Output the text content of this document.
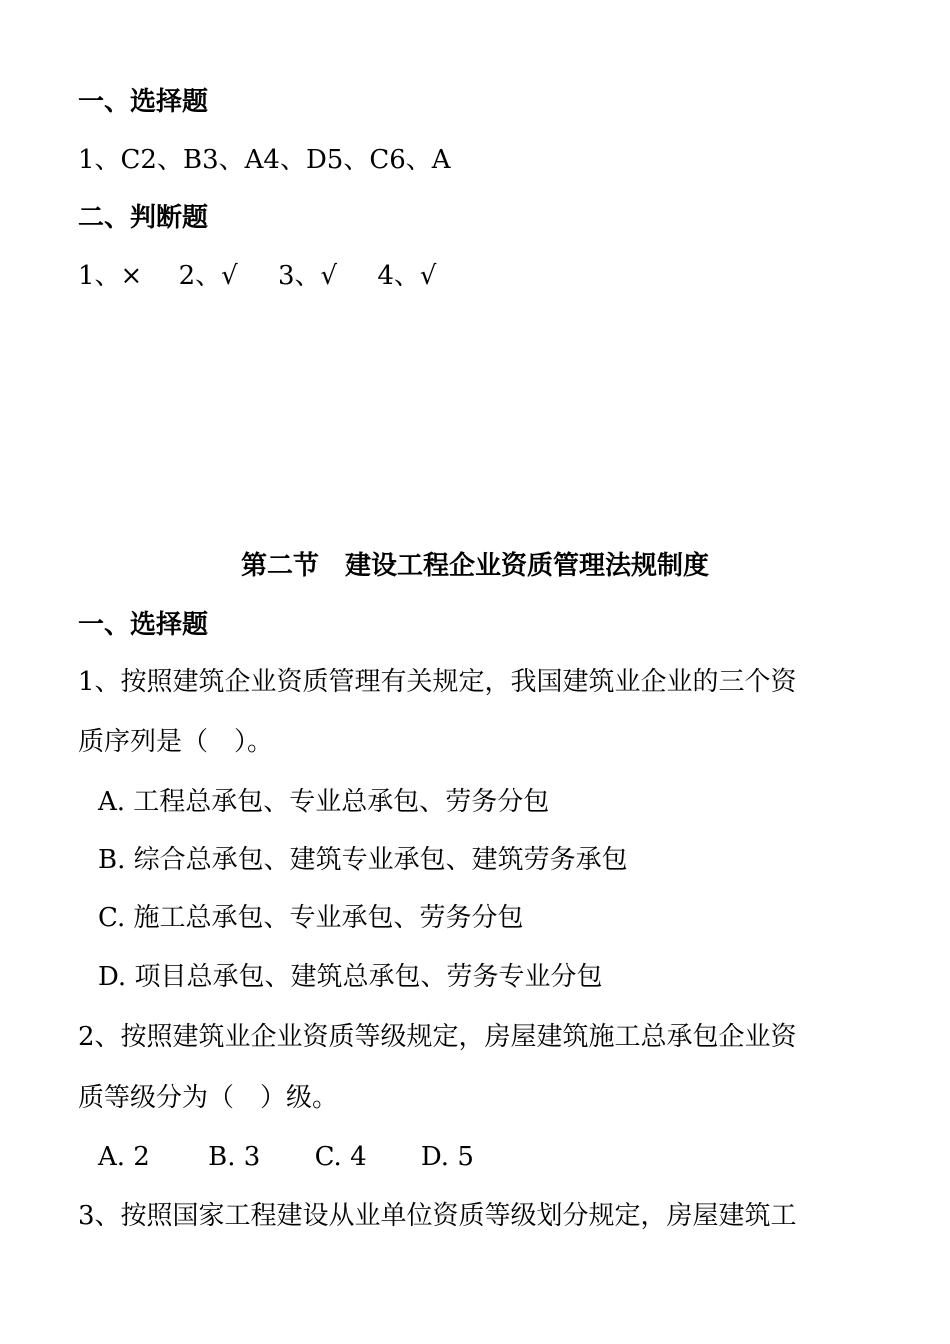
一、选择题
1、C2、B3、A4、D5、C6、A
二、判断题
1、× 2、√ 3、√ 4、√
第二节　建设工程企业资质管理法规制度
一、选择题
1、按照建筑企业资质管理有关规定，我国建筑业企业的三个资
质序列是（　）。
A. 工程总承包、专业总承包、劳务分包
B. 综合总承包、建筑专业承包、建筑劳务承包
C. 施工总承包、专业承包、劳务分包
D. 项目总承包、建筑总承包、劳务专业分包
2、按照建筑业企业资质等级规定，房屋建筑施工总承包企业资
质等级分为（　）级。
A. 2 B. 3 C. 4 D. 5
3、按照国家工程建设从业单位资质等级划分规定，房屋建筑工
